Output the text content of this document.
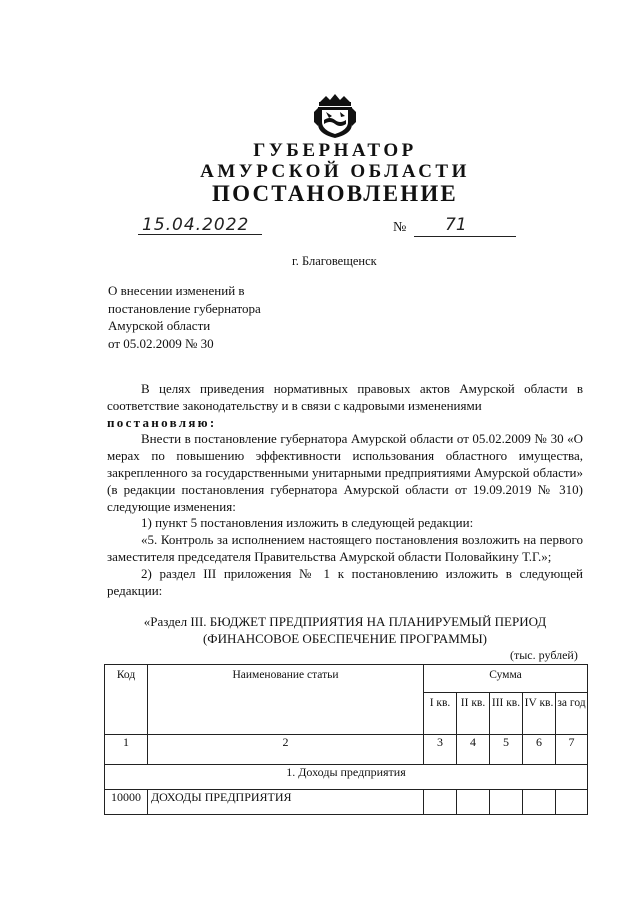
ГУБЕРНАТОР
АМУРСКОЙ ОБЛАСТИ
ПОСТАНОВЛЕНИЕ
15.04.2022	№ 71
г. Благовещенск
О внесении изменений в
постановление губернатора
Амурской области
от 05.02.2009 № 30
В целях приведения нормативных правовых актов Амурской области в
соответствие законодательству и в связи с кадровыми изменениями
постановляю:
Внести в постановление губернатора Амурской области от 05.02.2009 № 30 «О мерах по повышению эффективности использования областного имущества, закрепленного за государственными унитарными предприятиями Амурской области» (в редакции постановления губернатора Амурской области от 19.09.2019 № 310) следующие изменения:
1) пункт 5 постановления изложить в следующей редакции:
«5. Контроль за исполнением настоящего постановления возложить на первого заместителя председателя Правительства Амурской области Половайкину Т.Г.»;
2) раздел III приложения № 1 к постановлению изложить в следующей редакции:
«Раздел III. БЮДЖЕТ ПРЕДПРИЯТИЯ НА ПЛАНИРУЕМЫЙ ПЕРИОД
(ФИНАНСОВОЕ ОБЕСПЕЧЕНИЕ ПРОГРАММЫ)
(тыс. рублей)
Код	Наименование статьи	Сумма				
		I кв.	II кв.	III кв.	IV кв.	за год
1	2	3	4	5	6	7
1. Доходы предприятия						
10000	ДОХОДЫ ПРЕДПРИЯТИЯ					
